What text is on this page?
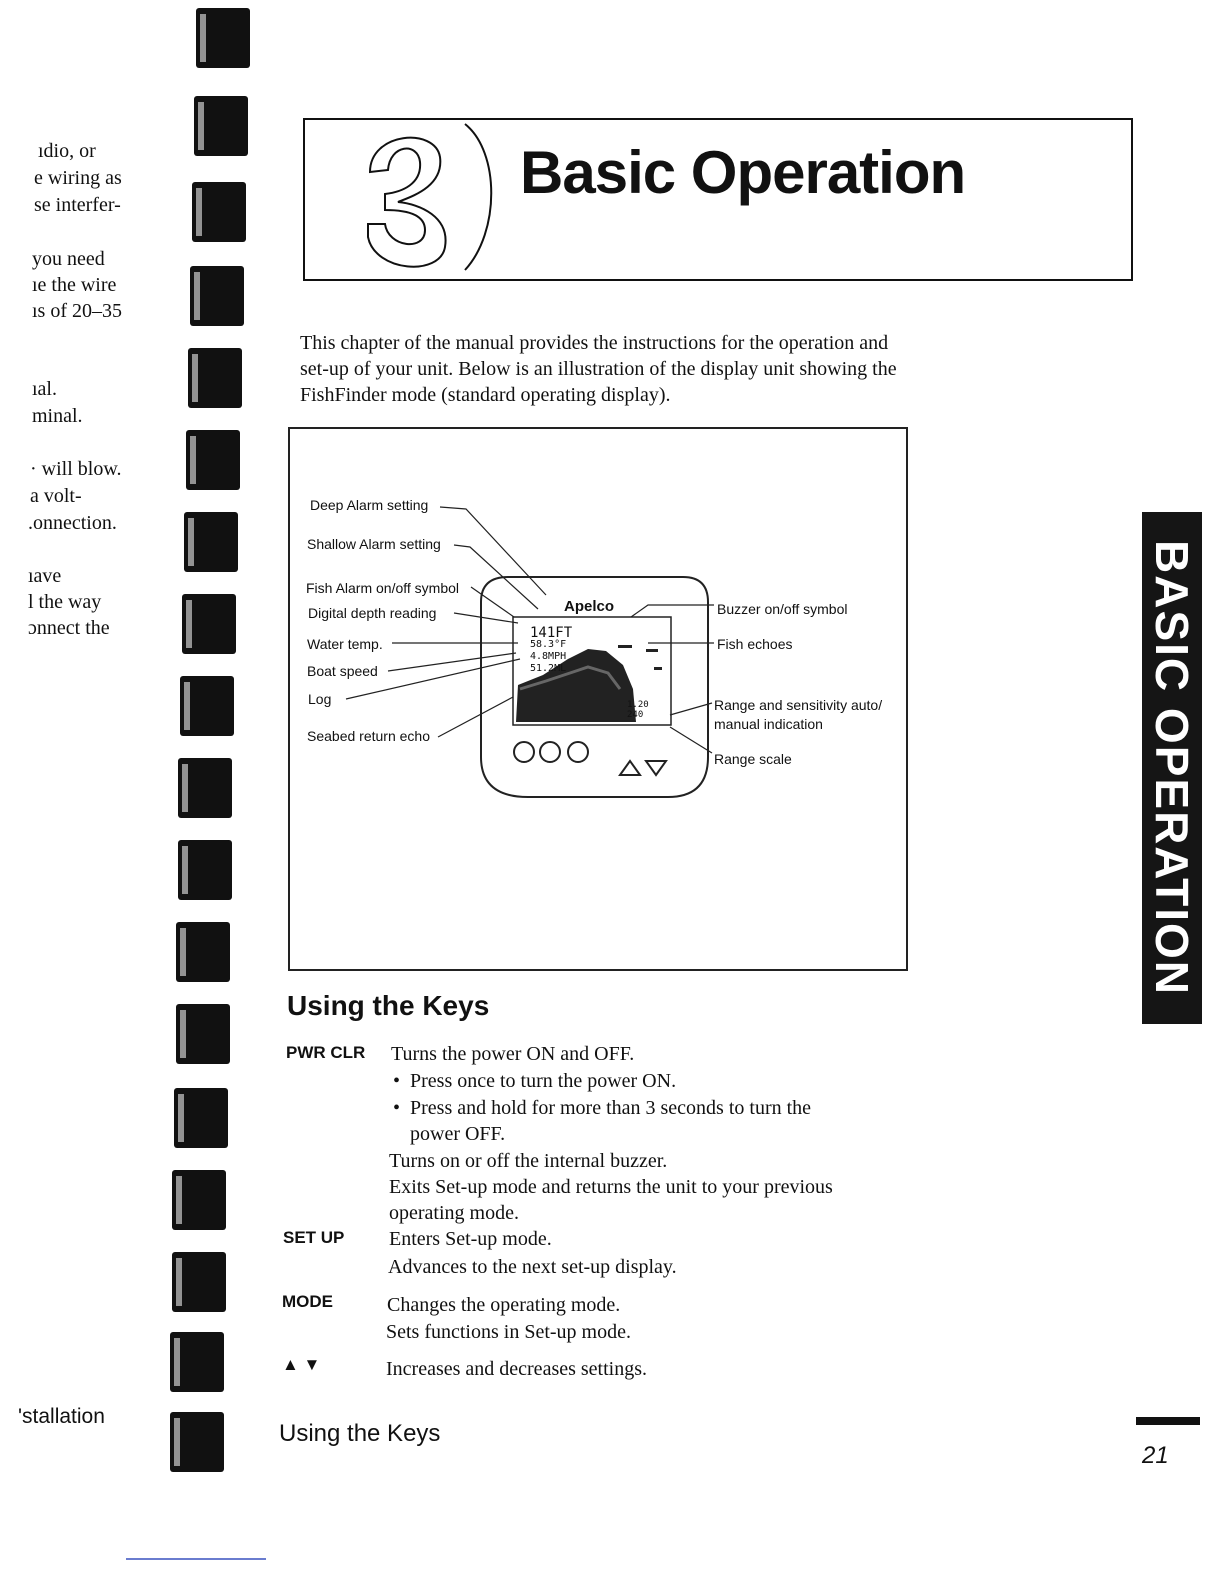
ıdio, or
e wiring as
se interfer-
you need
ıe the wire
ıs of 20–35
ıal.
minal.
· will blow.
a volt-
.onnection.
ıave
l the way
ɔnnect the
'stallation
Basic Operation
This chapter of the manual provides the instructions for the operation and set-up of your unit. Below is an illustration of the display unit showing the FishFinder mode (standard operating display).
Deep Alarm setting
Shallow Alarm setting
Fish Alarm on/off symbol
Digital depth reading
Water temp.
Boat speed
Log
Seabed return echo
Buzzer on/off symbol
Fish echoes
Range and sensitivity auto/
manual indication
Range scale
Apelco
141FT
58.3°F
4.8MPH
51.2ML
1.20
240
Using the Keys
PWR CLR Turns the power ON and OFF.
•  Press once to turn the power ON.
•  Press and hold for more than 3 seconds to turn the
power OFF.
Turns on or off the internal buzzer.
Exits Set-up mode and returns the unit to your previous
operating mode.
SET UP Enters Set-up mode.
Advances to the next set-up display.
MODE	Changes the operating mode.
Sets functions in Set-up mode.
▲ ▼	Increases and decreases settings.
Using the Keys
21
BASIC OPERATION
